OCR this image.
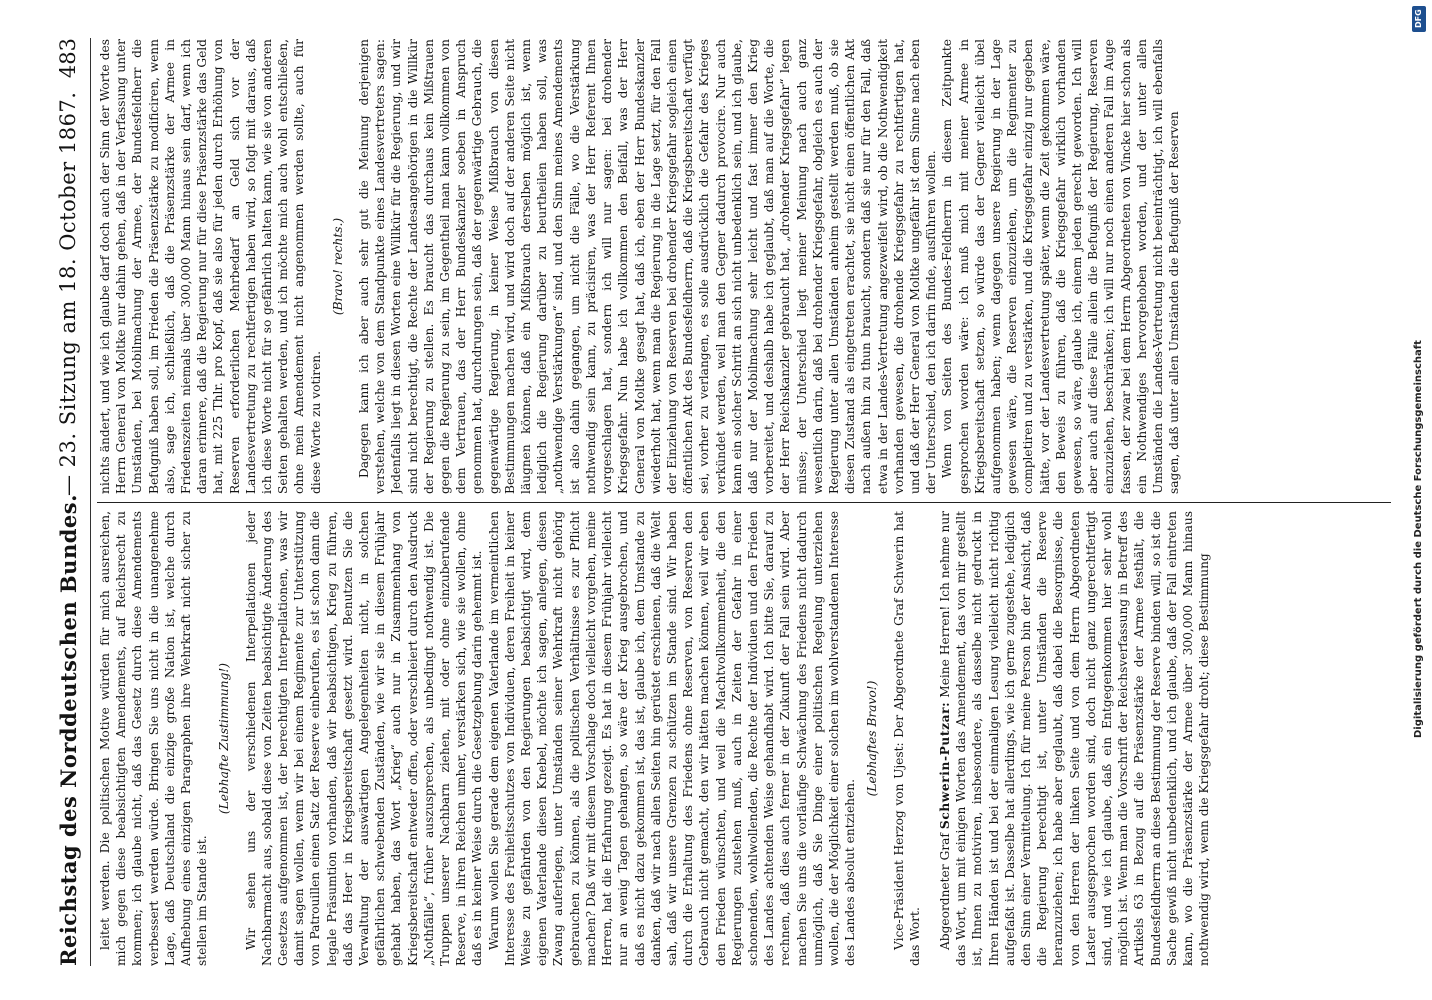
Reichstag des Norddeutschen Bundes.
— 23. Sitzung am 18. October 1867.
483

leitet werden. Die politischen Motive würden für mich ausreichen, mich gegen diese beabsichtigten Amendements, auf Reichsrecht zu kommen; ich glaube nicht, daß das Gesetz durch diese Amendements verbessert werden würde. Bringen Sie uns nicht in die unangenehme Lage, daß Deutschland die einzige große Nation ist, welche durch Aufhebung eines einzigen Paragraphen ihre Wehrkraft nicht sicher zu stellen im Stande ist.

(Lebhafte Zustimmung!) Wir sehen uns der verschiedenen Interpellationen jeder Nachbarmacht aus, sobald diese von Zeiten beabsichtigte Änderung des Gesetzes aufgenommen ist, der berechtigten Interpellationen, was wir damit sagen wollen, wenn wir bei einem Regimente zur Unterstützung von Patrouillen einen Satz der Reserve einberufen, es ist schon dann die legale Präsumtion vorhanden, daß wir beabsichtigen, Krieg zu führen, daß das Heer in Kriegsbereitschaft gesetzt wird. Benutzen Sie die Verwaltung der auswärtigen Angelegenheiten nicht, in solchen gefährlichen schwebenden Zuständen, wie wir sie in diesem Frühjahr gehabt haben, das Wort „Krieg“ auch nur in Zusammenhang von Kriegsbereitschaft entweder offen, oder verschleiert durch den Ausdruck „Nothfälle“, früher auszusprechen, als unbedingt nothwendig ist. Die Truppen unserer Nachbarn ziehen, mit oder ohne einzuberufende Reserve, in ihren Reichen umher, verstärken sich, wie sie wollen, ohne daß es in keiner Weise durch die Gesetzgebung darin gehemmt ist. Warum wollen Sie gerade dem eigenen Vaterlande im vermeintlichen Interesse des Freiheitsschutzes von Individuen, deren Freiheit in keiner Weise zu gefährden von den Regierungen beabsichtigt wird, dem eigenen Vaterlande diesen Knebel, möchte ich sagen, anlegen, diesen Zwang auferlegen, unter Umständen seiner Wehrkraft nicht gehörig gebrauchen zu können, als die politischen Verhältnisse es zur Pflicht machen? Daß wir mit diesem Vorschlage doch vielleicht vorgehen, meine Herren, hat die Erfahrung gezeigt. Es hat in diesem Frühjahr vielleicht nur an wenig Tagen gehangen, so wäre der Krieg ausgebrochen, und daß es nicht dazu gekommen ist, das ist, glaube ich, dem Umstande zu danken, daß wir nach allen Seiten hin gerüstet erschienen, daß die Welt sah, daß wir unsere Grenzen zu schützen im Stande sind. Wir haben durch die Erhaltung des Friedens ohne Reserven, von Reserven den Gebrauch nicht gemacht, den wir hätten machen können, weil wir eben den Frieden wünschten, und weil die Machtvollkommenheit, die den Regierungen zustehen muß, auch in Zeiten der Gefahr in einer schonenden, wohlwollenden, die Rechte der Individuen und den Frieden des Landes achtenden Weise gehandhabt wird. Ich bitte Sie, darauf zu rechnen, daß dies auch ferner in der Zukunft der Fall sein wird. Aber machen Sie uns die vorläufige Schwächung des Friedens nicht dadurch unmöglich, daß Sie Dinge einer politischen Regelung unterziehen wollen, die der Möglichkeit einer solchen im wohlverstandenen Interesse des Landes absolut entziehen.

(Lebhaftes Bravo!) Vice-Präsident Herzog von Ujest: Der Abgeordnete Graf Schwerin hat das Wort. Abgeordneter Graf Schwerin-Putzar: Meine Herren! Ich nehme nur das Wort, um mit einigen Worten das Amendement, das von mir gestellt ist, Ihnen zu motiviren, insbesondere, als dasselbe nicht gedruckt in Ihren Händen ist und bei der einmaligen Lesung vielleicht nicht richtig aufgefaßt ist. Dasselbe hat allerdings, wie ich gerne zugestehe, lediglich den Sinn einer Vermittelung. Ich für meine Person bin der Ansicht, daß die Regierung berechtigt ist, unter Umständen die Reserve heranzuziehen; ich habe aber geglaubt, daß dabei die Besorgnisse, die von den Herren der linken Seite und von dem Herrn Abgeordneten Laster ausgesprochen worden sind, doch nicht ganz ungerechtfertigt sind, und wie ich glaube, daß ein Entgegenkommen hier sehr wohl möglich ist. Wenn man die Vorschrift der Reichsverfassung in Betreff des Artikels 63 in Bezug auf die Präsenzstärke der Armee festhält, die Bundesfeldherrn an diese Bestimmung der Reserve binden will, so ist die Sache gewiß nicht unbedenklich, und ich glaube, daß der Fall eintreten kann, wo die Präsenzstärke der Armee über 300,000 Mann hinaus nothwendig wird, wenn die Kriegsgefahr droht; diese Bestimmung

nichts ändert, und wie ich glaube darf doch auch der Sinn der Worte des Herrn General von Moltke nur dahin gehen, daß in der Verfassung unter Umständen, bei Mobilmachung der Armee, der Bundesfeldherr die Befugniß haben soll, im Frieden die Präsenzstärke zu modificiren, wenn also, sage ich, schließlich, daß die Präsenzstärke der Armee in Friedenszeiten niemals über 300,000 Mann hinaus sein darf, wenn ich daran erinnere, daß die Regierung nur für diese Präsenzstärke das Geld hat, mit 225 Thlr. pro Kopf, daß sie also für jeden durch Erhöhung von Reserven erforderlichen Mehrbedarf an Geld sich vor der Landesvertretung zu rechtfertigen haben wird, so folgt mit daraus, daß ich diese Worte nicht für so gefährlich halten kann, wie sie von anderen Seiten gehalten werden, und ich möchte mich auch wohl entschließen, ohne mein Amendement nicht angenommen werden sollte, auch für diese Worte zu votiren.

(Bravo! rechts.) Dagegen kann ich aber auch sehr gut die Meinung derjenigen verstehen, welche von dem Standpunkte eines Landesvertreters sagen: Jedenfalls liegt in diesen Worten eine Willkür für die Regierung, und wir sind nicht berechtigt, die Rechte der Landesangehörigen in die Willkür der Regierung zu stellen. Es braucht das durchaus kein Mißtrauen gegen die Regierung zu sein, im Gegentheil man kann vollkommen von dem Vertrauen, das der Herr Bundeskanzler soeben in Anspruch genommen hat, durchdrungen sein, daß der gegenwärtige Gebrauch, die gegenwärtige Regierung, in keiner Weise Mißbrauch von diesen Bestimmungen machen wird, und wird doch auf der anderen Seite nicht läugnen können, daß ein Mißbrauch derselben möglich ist, wenn lediglich die Regierung darüber zu beurtheilen haben soll, was „nothwendige Verstärkungen“ sind, und den Sinn meines Amendements ist also dahin gegangen, um nicht die Fälle, wo die Verstärkung nothwendig sein kann, zu präcisiren, was der Herr Referent Ihnen vorgeschlagen hat, sondern ich will nur sagen: bei drohender Kriegsgefahr. Nun habe ich vollkommen den Beifall, was der Herr General von Moltke gesagt hat, daß ich, eben der Herr Bundeskanzler wiederholt hat, wenn man die Regierung in die Lage setzt, für den Fall der Einziehung von Reserven bei drohender Kriegsgefahr sogleich einen öffentlichen Akt des Bundesfeldherrn, daß die Kriegsbereitschaft verfügt sei, vorher zu verlangen, es solle ausdrücklich die Gefahr des Krieges verkündet werden, weil man den Gegner dadurch provocire. Nur auch kann ein solcher Schritt an sich nicht unbedenklich sein, und ich glaube, daß nur der Mobilmachung sehr leicht und fast immer den Krieg vorbereitet, und deshalb habe ich geglaubt, daß man auf die Worte, die der Herr Reichskanzler gebraucht hat, „drohender Kriegsgefahr“ legen müsse; der Unterschied liegt meiner Meinung nach auch ganz wesentlich darin, daß bei drohender Kriegsgefahr, obgleich es auch der Regierung unter allen Umständen anheim gestellt werden muß, ob sie diesen Zustand als eingetreten erachtet, sie nicht einen öffentlichen Akt nach außen hin zu thun braucht, sondern daß sie nur für den Fall, daß etwa in der Landes-Vertretung angezweifelt wird, ob die Nothwendigkeit vorhanden gewesen, die drohende Kriegsgefahr zu rechtfertigen hat, und daß der Herr General von Moltke ungefähr ist dem Sinne nach eben der Unterschied, den ich darin finde, ausführen wollen. Wenn von Seiten des Bundes-Feldherrn in diesem Zeitpunkte gesprochen worden wäre: ich muß mich mit meiner Armee in Kriegsbereitschaft setzen, so würde das der Gegner vielleicht übel aufgenommen haben; wenn dagegen unsere Regierung in der Lage gewesen wäre, die Reserven einzuziehen, um die Regimenter zu completiren und zu verstärken, und die Kriegsgefahr einzig nur gegeben hätte, vor der Landesvertretung später, wenn die Zeit gekommen wäre, den Beweis zu führen, daß die Kriegsgefahr wirklich vorhanden gewesen, so wäre, glaube ich, einem jeden gerecht geworden. Ich will aber auch auf diese Fälle allein die Befugniß der Regierung, Reserven einzuziehen, beschränken; ich will nur noch einen anderen Fall im Auge fassen, der zwar bei dem Herrn Abgeordneten von Vincke hier schon als ein Nothwendiges hervorgehoben worden, und der unter allen Umständen die Landes-Vertretung nicht beeinträchtigt, ich will ebenfalls sagen, daß unter allen Umständen die Befugniß der Reserven

DFG
Digitalisierung gefördert durch die Deutsche Forschungsgemeinschaft
